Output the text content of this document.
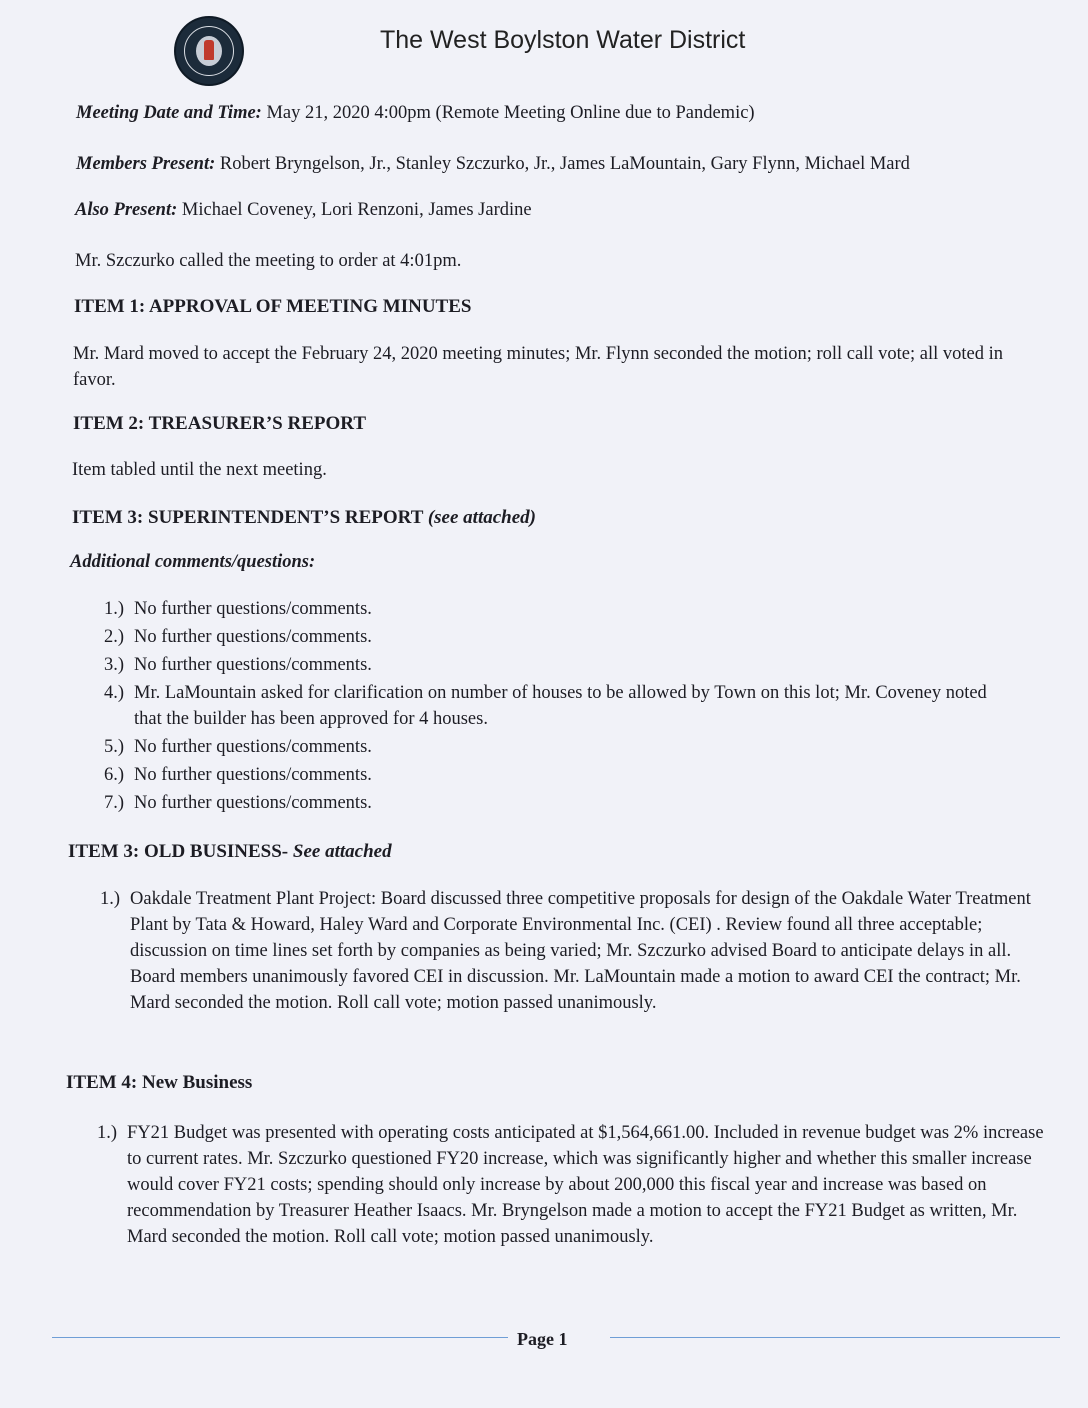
The West Boylston Water District
Meeting Date and Time: May 21, 2020 4:00pm (Remote Meeting Online due to Pandemic)
Members Present: Robert Bryngelson, Jr., Stanley Szczurko, Jr., James LaMountain, Gary Flynn, Michael Mard
Also Present: Michael Coveney, Lori Renzoni, James Jardine
Mr. Szczurko called the meeting to order at 4:01pm.
ITEM 1: APPROVAL OF MEETING MINUTES
Mr. Mard moved to accept the February 24, 2020 meeting minutes; Mr. Flynn seconded the motion; roll call vote; all voted in favor.
ITEM 2: TREASURER’S REPORT
Item tabled until the next meeting.
ITEM 3: SUPERINTENDENT’S REPORT (see attached)
Additional comments/questions:
1.) No further questions/comments.
2.) No further questions/comments.
3.) No further questions/comments.
4.) Mr. LaMountain asked for clarification on number of houses to be allowed by Town on this lot; Mr. Coveney noted that the builder has been approved for 4 houses.
5.) No further questions/comments.
6.) No further questions/comments.
7.) No further questions/comments.
ITEM 3: OLD BUSINESS- See attached
1.) Oakdale Treatment Plant Project: Board discussed three competitive proposals for design of the Oakdale Water Treatment Plant by Tata & Howard, Haley Ward and Corporate Environmental Inc. (CEI) . Review found all three acceptable; discussion on time lines set forth by companies as being varied; Mr. Szczurko advised Board to anticipate delays in all. Board members unanimously favored CEI in discussion. Mr. LaMountain made a motion to award CEI the contract; Mr. Mard seconded the motion. Roll call vote; motion passed unanimously.
ITEM 4: New Business
1.) FY21 Budget was presented with operating costs anticipated at $1,564,661.00. Included in revenue budget was 2% increase to current rates. Mr. Szczurko questioned FY20 increase, which was significantly higher and whether this smaller increase would cover FY21 costs; spending should only increase by about 200,000 this fiscal year and increase was based on recommendation by Treasurer Heather Isaacs. Mr. Bryngelson made a motion to accept the FY21 Budget as written, Mr. Mard seconded the motion. Roll call vote; motion passed unanimously.
Page 1
